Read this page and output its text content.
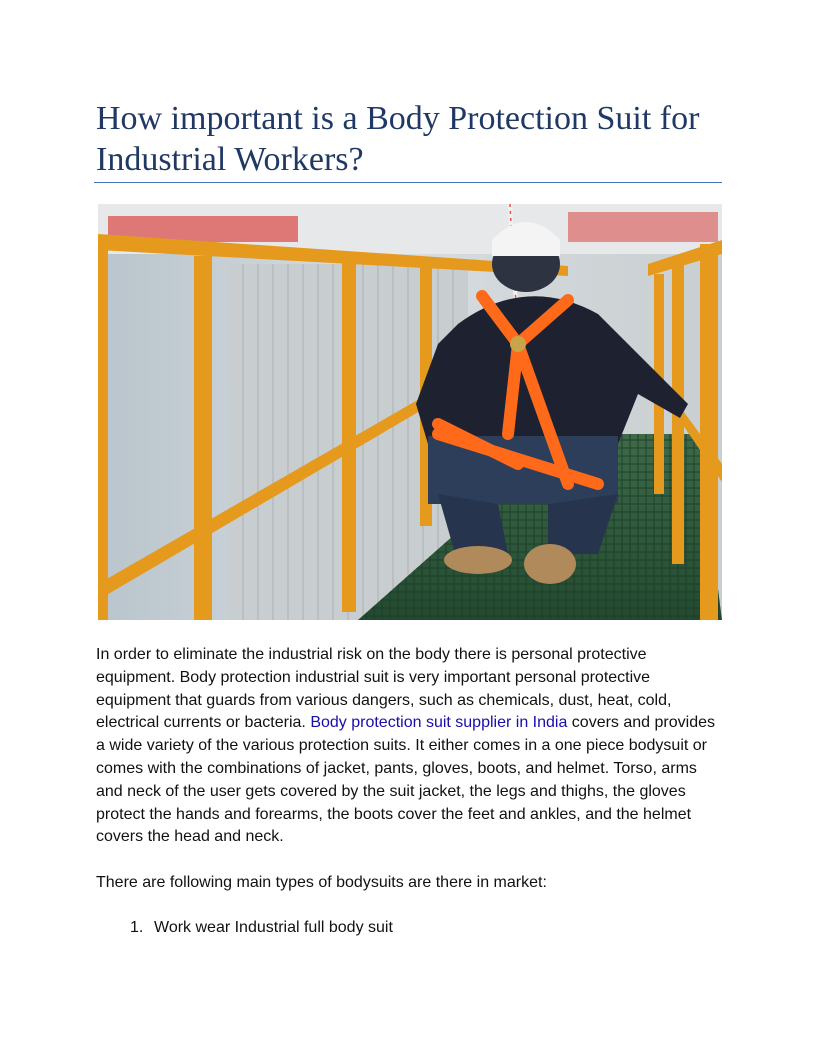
How important is a Body Protection Suit for Industrial Workers?

In order to eliminate the industrial risk on the body there is personal protective equipment. Body protection industrial suit is very important personal protective equipment that guards from various dangers, such as chemicals, dust, heat, cold, electrical currents or bacteria. Body protection suit supplier in India covers and provides a wide variety of the various protection suits. It either comes in a one piece bodysuit or comes with the combinations of jacket, pants, gloves, boots, and helmet. Torso, arms and neck of the user gets covered by the suit jacket, the legs and thighs, the gloves protect the hands and forearms, the boots cover the feet and ankles, and the helmet covers the head and neck.

There are following main types of bodysuits are there in market:

1. Work wear Industrial full body suit
